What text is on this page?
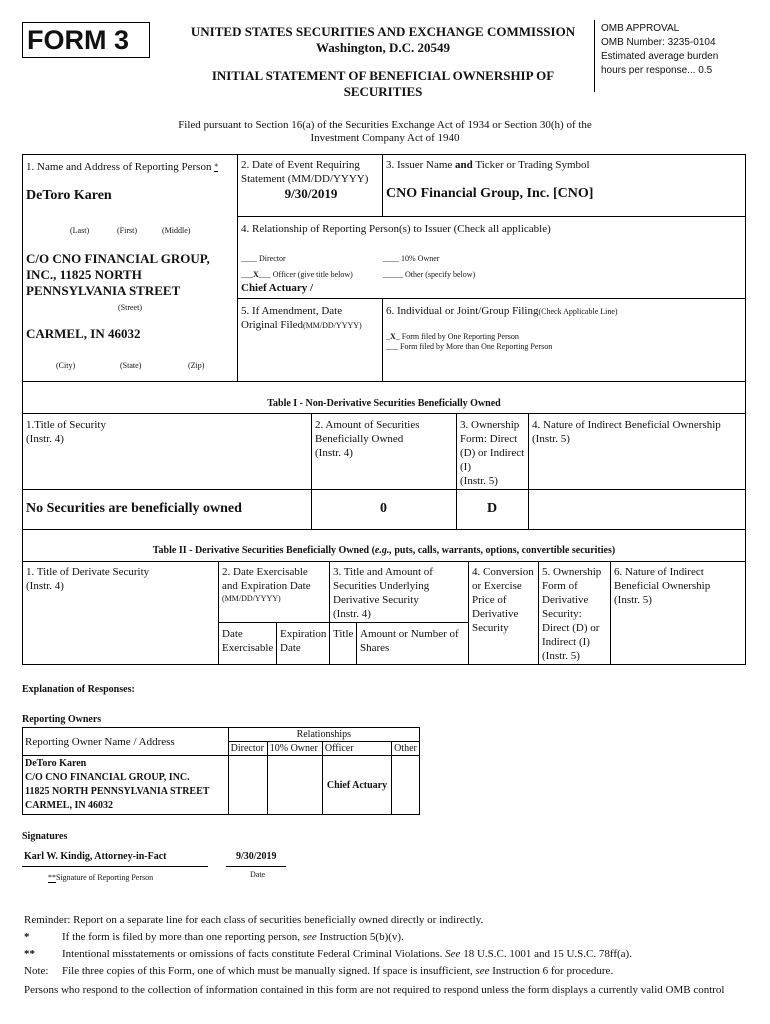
FORM 3	UNITED STATES SECURITIES AND EXCHANGE COMMISSION
Washington, D.C. 20549
INITIAL STATEMENT OF BENEFICIAL OWNERSHIP OF
SECURITIES
Filed pursuant to Section 16(a) of the Securities Exchange Act of 1934 or Section 30(h) of the
Investment Company Act of 1940
OMB APPROVAL
OMB Number: 3235-0104
Estimated average burden
hours per response... 0.5
1. Name and Address of Reporting Person *
DeToro Karen
(Last)	(First)	(Middle)
C/O CNO FINANCIAL GROUP,
INC., 11825 NORTH
PENNSYLVANIA STREET
(Street)
CARMEL, IN 46032
(City)	(State)	(Zip)
2. Date of Event Requiring
Statement (MM/DD/YYYY)
9/30/2019
3. Issuer Name and Ticker or Trading Symbol
CNO Financial Group, Inc. [CNO]
4. Relationship of Reporting Person(s) to Issuer (Check all applicable)
____ Director	____ 10% Owner
___X___ Officer (give title below)	_____ Other (specify below)
Chief Actuary /
5. If Amendment, Date
Original Filed(MM/DD/YYYY)
6. Individual or Joint/Group Filing(Check Applicable Line)
_X_ Form filed by One Reporting Person
___ Form filed by More than One Reporting Person
Table I - Non-Derivative Securities Beneficially Owned
1.Title of Security
(Instr. 4)
2. Amount of Securities
Beneficially Owned
(Instr. 4)
3. Ownership
Form: Direct
(D) or Indirect
(I)
(Instr. 5)
4. Nature of Indirect Beneficial Ownership
(Instr. 5)
No Securities are beneficially owned	0	D
Table II - Derivative Securities Beneficially Owned (e.g., puts, calls, warrants, options, convertible securities)
1. Title of Derivate Security
(Instr. 4)
2. Date Exercisable
and Expiration Date
(MM/DD/YYYY)
3. Title and Amount of
Securities Underlying
Derivative Security
(Instr. 4)
4. Conversion
or Exercise
Price of
Derivative
Security
5. Ownership
Form of
Derivative
Security:
Direct (D) or
Indirect (I)
(Instr. 5)
6. Nature of Indirect
Beneficial Ownership
(Instr. 5)
Date
Exercisable
Expiration
Date
Title Amount or Number of
Shares
Explanation of Responses:
Reporting Owners
Reporting Owner Name / Address	Relationships			
	Director	10% Owner	Officer	Other

DeToro Karen
C/O CNO FINANCIAL GROUP, INC.
11825 NORTH PENNSYLVANIA STREET
CARMEL, IN 46032			Chief Actuary	
Signatures
Karl W. Kindig, Attorney-in-Fact	9/30/2019
**Signature of Reporting Person	Date
Reminder: Report on a separate line for each class of securities beneficially owned directly or indirectly.
*	If the form is filed by more than one reporting person, see Instruction 5(b)(v).
** Intentional misstatements or omissions of facts constitute Federal Criminal Violations. See 18 U.S.C. 1001 and 15 U.S.C. 78ff(a).
Note: File three copies of this Form, one of which must be manually signed. If space is insufficient, see Instruction 6 for procedure.
Persons who respond to the collection of information contained in this form are not required to respond unless the form displays a currently valid OMB control
